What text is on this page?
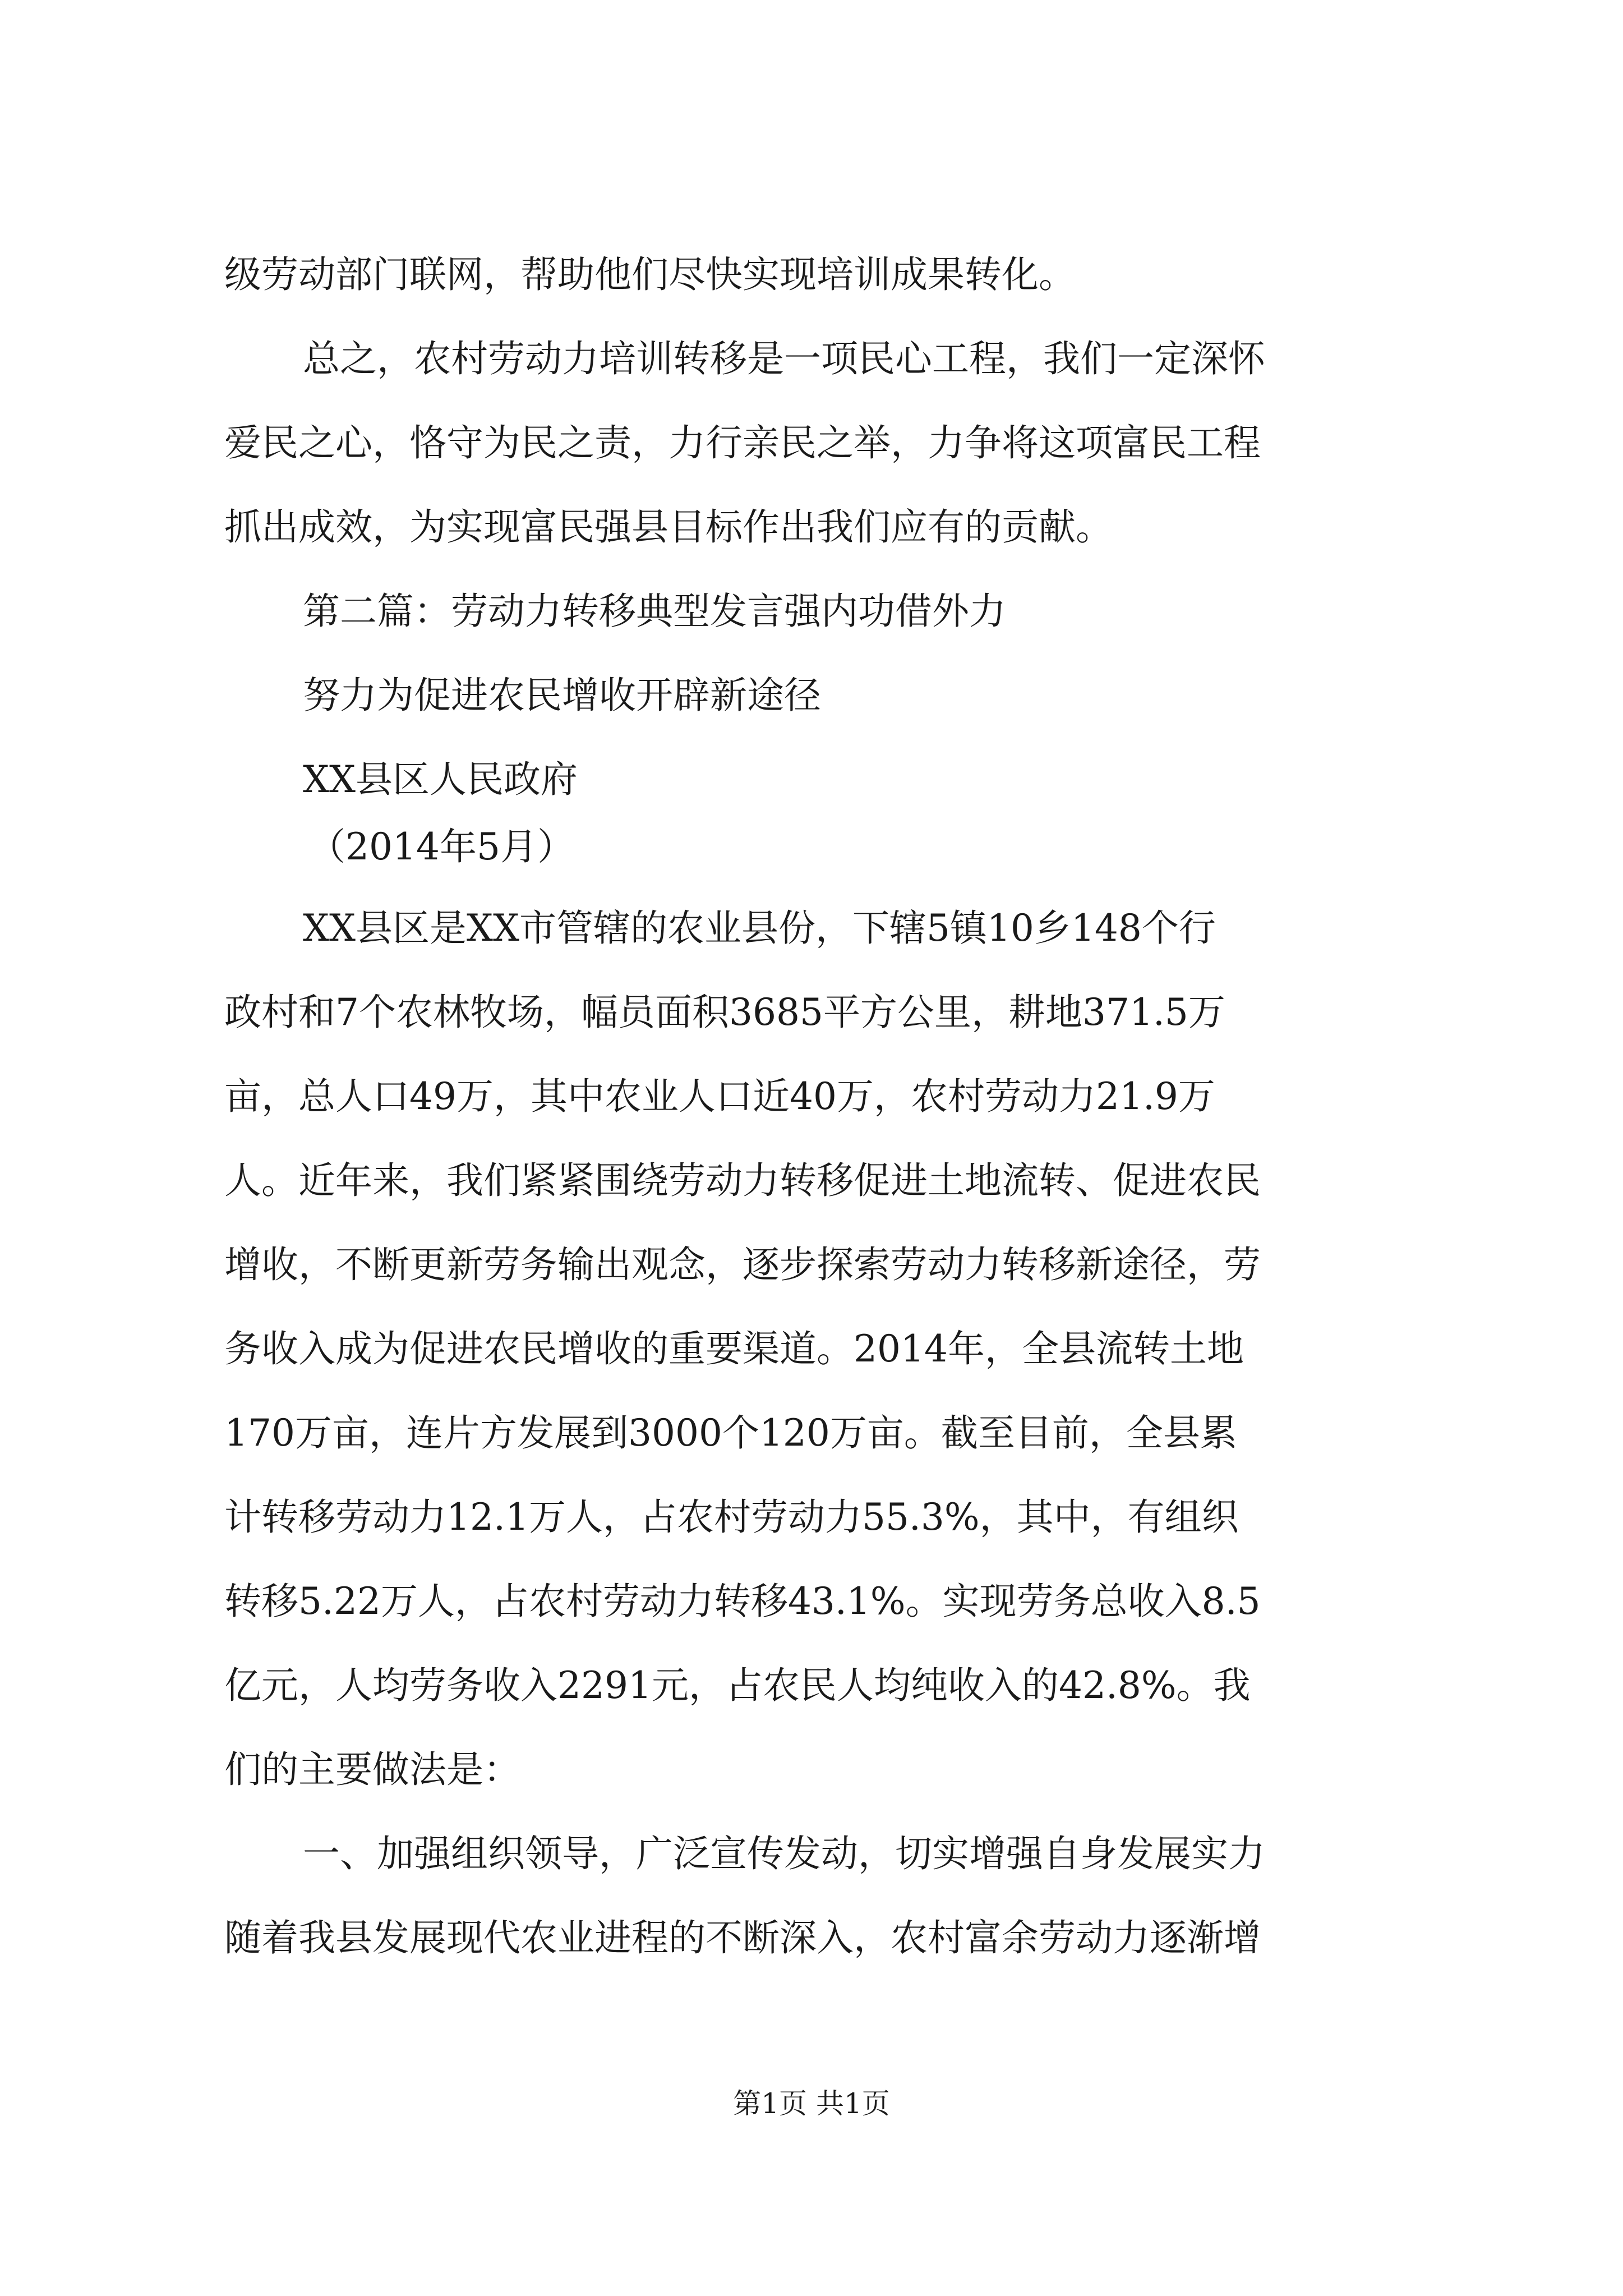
级劳动部门联网，帮助他们尽快实现培训成果转化。
总之，农村劳动力培训转移是一项民心工程，我们一定深怀
爱民之心，恪守为民之责，力行亲民之举，力争将这项富民工程
抓出成效，为实现富民强县目标作出我们应有的贡献。
第二篇：劳动力转移典型发言强内功借外力
努力为促进农民增收开辟新途径
XX县区人民政府
（2014年5月）
XX县区是XX市管辖的农业县份，下辖5镇10乡148个行
政村和7个农林牧场，幅员面积3685平方公里，耕地371.5万
亩，总人口49万，其中农业人口近40万，农村劳动力21.9万
人。近年来，我们紧紧围绕劳动力转移促进土地流转、促进农民
增收，不断更新劳务输出观念，逐步探索劳动力转移新途径，劳
务收入成为促进农民增收的重要渠道。2014年，全县流转土地
170万亩，连片方发展到3000个120万亩。截至目前，全县累
计转移劳动力12.1万人，占农村劳动力55.3%，其中，有组织
转移5.22万人，占农村劳动力转移43.1%。实现劳务总收入8.5
亿元，人均劳务收入2291元，占农民人均纯收入的42.8%。我
们的主要做法是：
一、加强组织领导，广泛宣传发动，切实增强自身发展实力
随着我县发展现代农业进程的不断深入，农村富余劳动力逐渐增
第1页 共1页
